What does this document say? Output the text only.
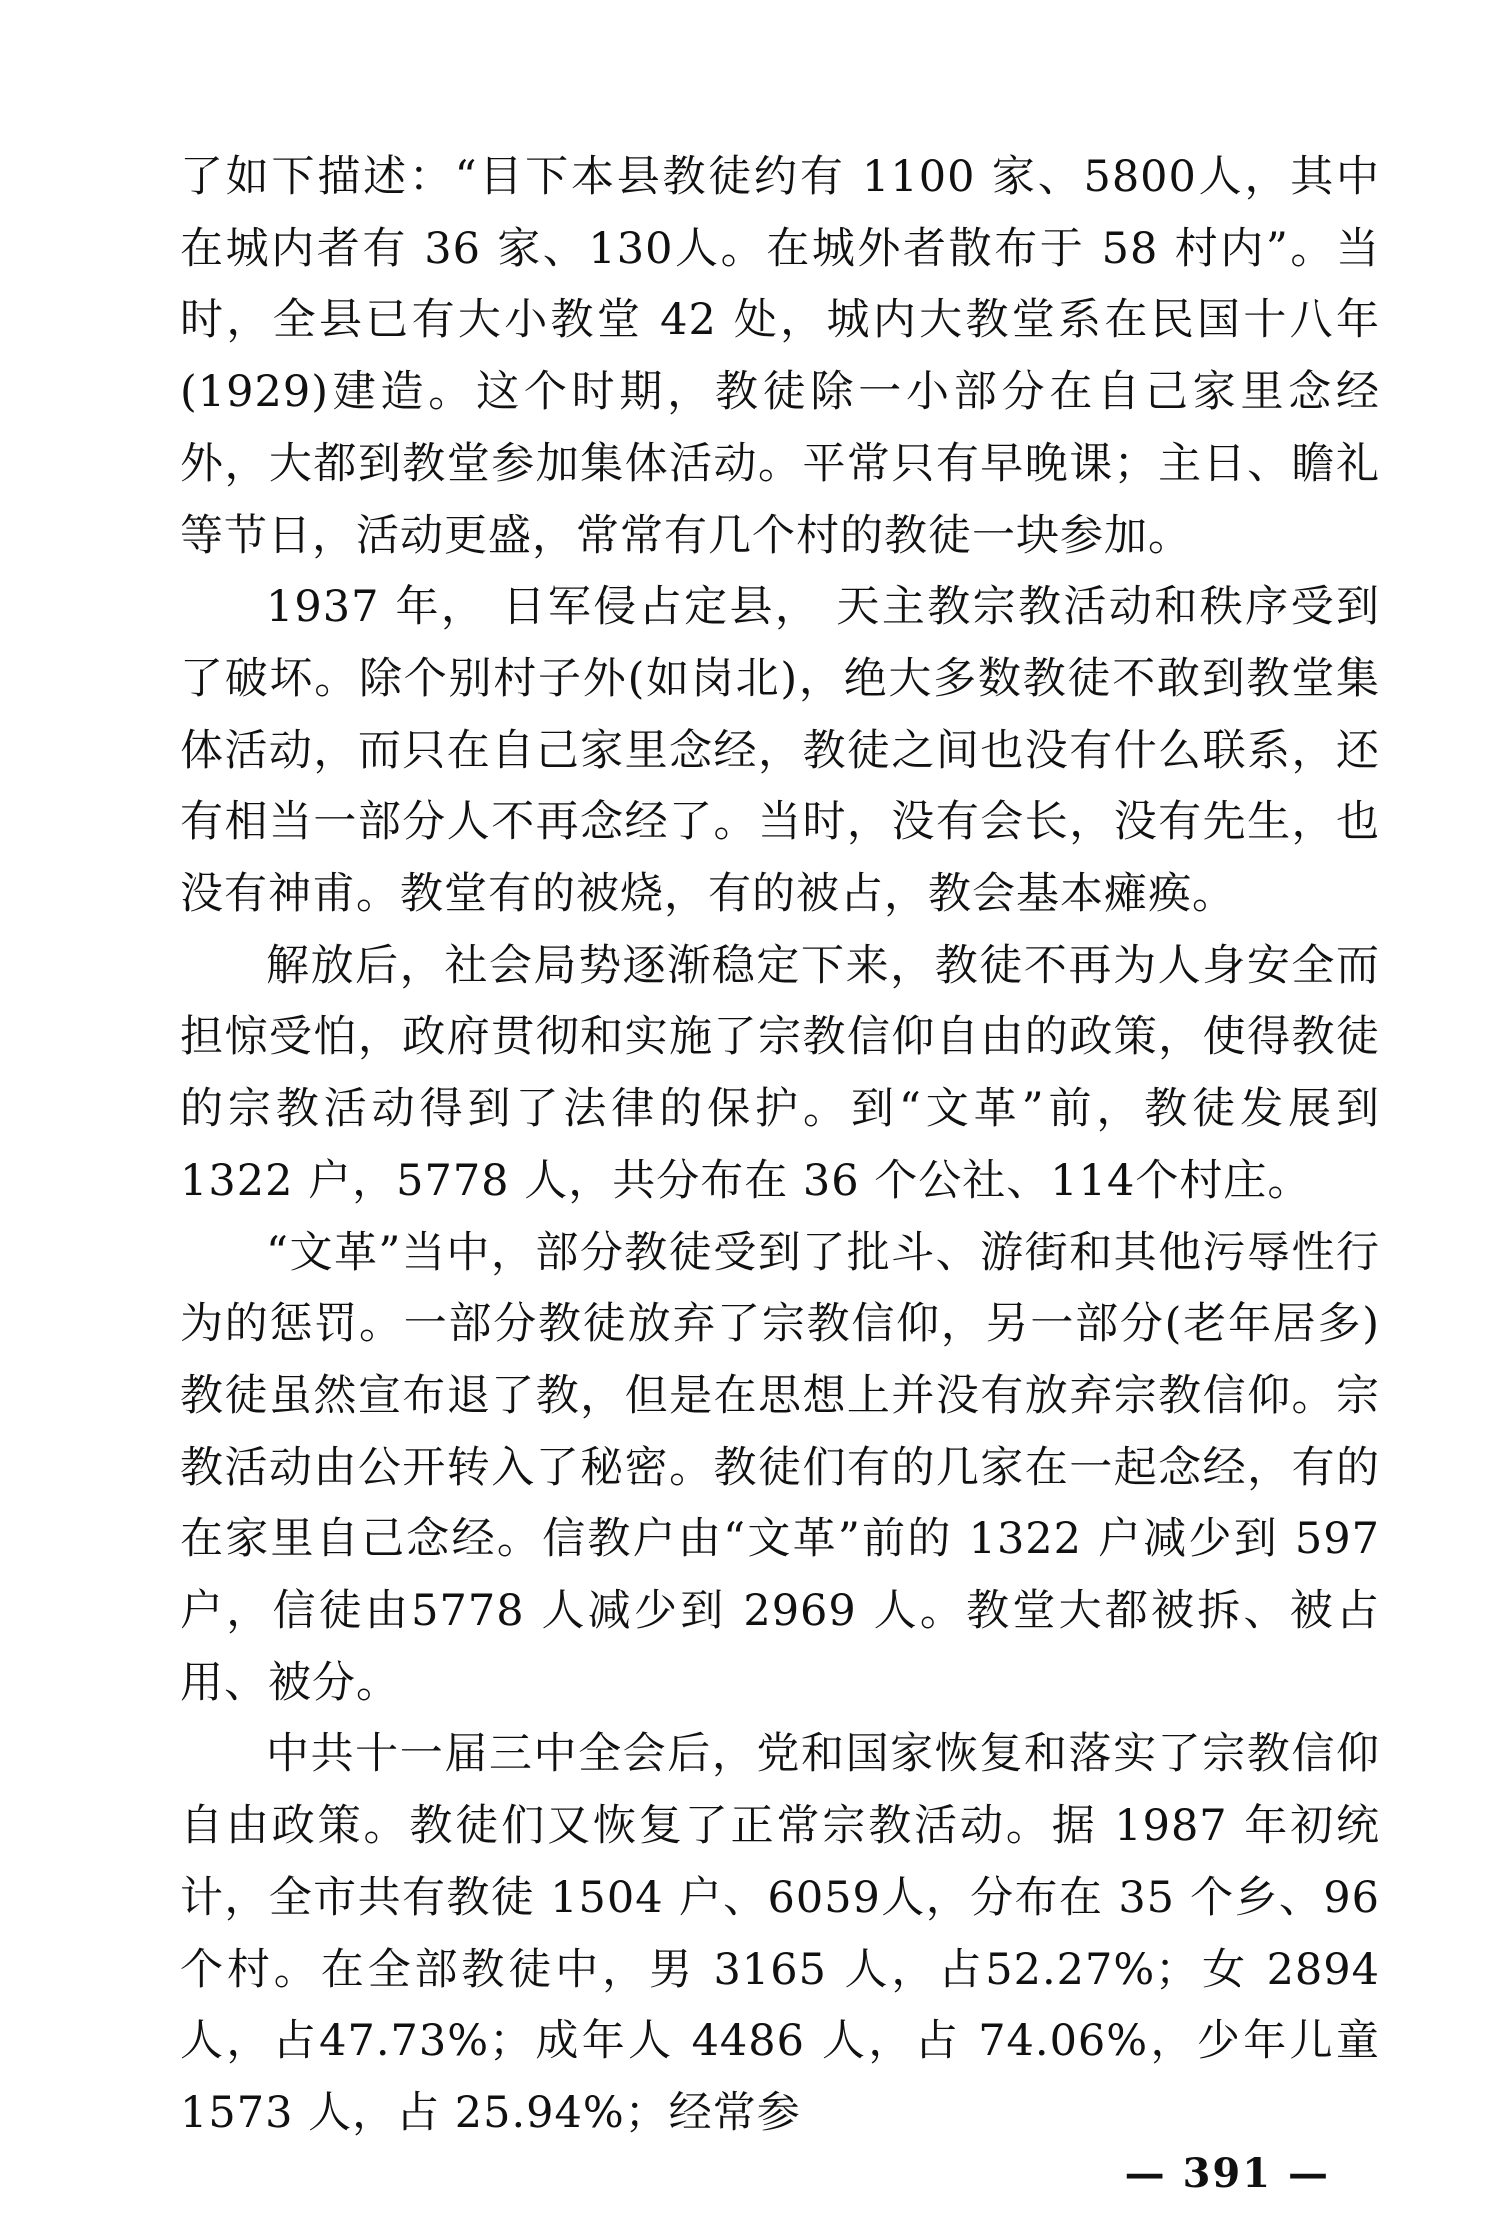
了如下描述：“目下本县教徒约有 1100 家、5800人，其中在城内者有 36 家、130人。在城外者散布于 58 村内”。当时，全县已有大小教堂 42 处，城内大教堂系在民国十八年(1929)建造。这个时期，教徒除一小部分在自己家里念经外，大都到教堂参加集体活动。平常只有早晚课；主日、瞻礼等节日，活动更盛，常常有几个村的教徒一块参加。

1937 年， 日军侵占定县， 天主教宗教活动和秩序受到了破坏。除个别村子外(如岗北)，绝大多数教徒不敢到教堂集体活动，而只在自己家里念经，教徒之间也没有什么联系，还有相当一部分人不再念经了。当时，没有会长，没有先生，也没有神甫。教堂有的被烧，有的被占，教会基本瘫痪。

解放后，社会局势逐渐稳定下来，教徒不再为人身安全而担惊受怕，政府贯彻和实施了宗教信仰自由的政策，使得教徒的宗教活动得到了法律的保护。到“文革”前，教徒发展到 1322 户，5778 人，共分布在 36 个公社、114个村庄。

“文革”当中，部分教徒受到了批斗、游街和其他污辱性行为的惩罚。一部分教徒放弃了宗教信仰，另一部分(老年居多)教徒虽然宣布退了教，但是在思想上并没有放弃宗教信仰。宗教活动由公开转入了秘密。教徒们有的几家在一起念经，有的在家里自己念经。信教户由“文革”前的 1322 户减少到 597 户，信徒由5778 人减少到 2969 人。教堂大都被拆、被占用、被分。

中共十一届三中全会后，党和国家恢复和落实了宗教信仰自由政策。教徒们又恢复了正常宗教活动。据 1987 年初统计，全市共有教徒 1504 户、6059人，分布在 35 个乡、96 个村。在全部教徒中，男 3165 人，占52.27%；女 2894 人，占47.73%；成年人 4486 人，占 74.06%，少年儿童 1573 人，占 25.94%；经常参

— 391 —
